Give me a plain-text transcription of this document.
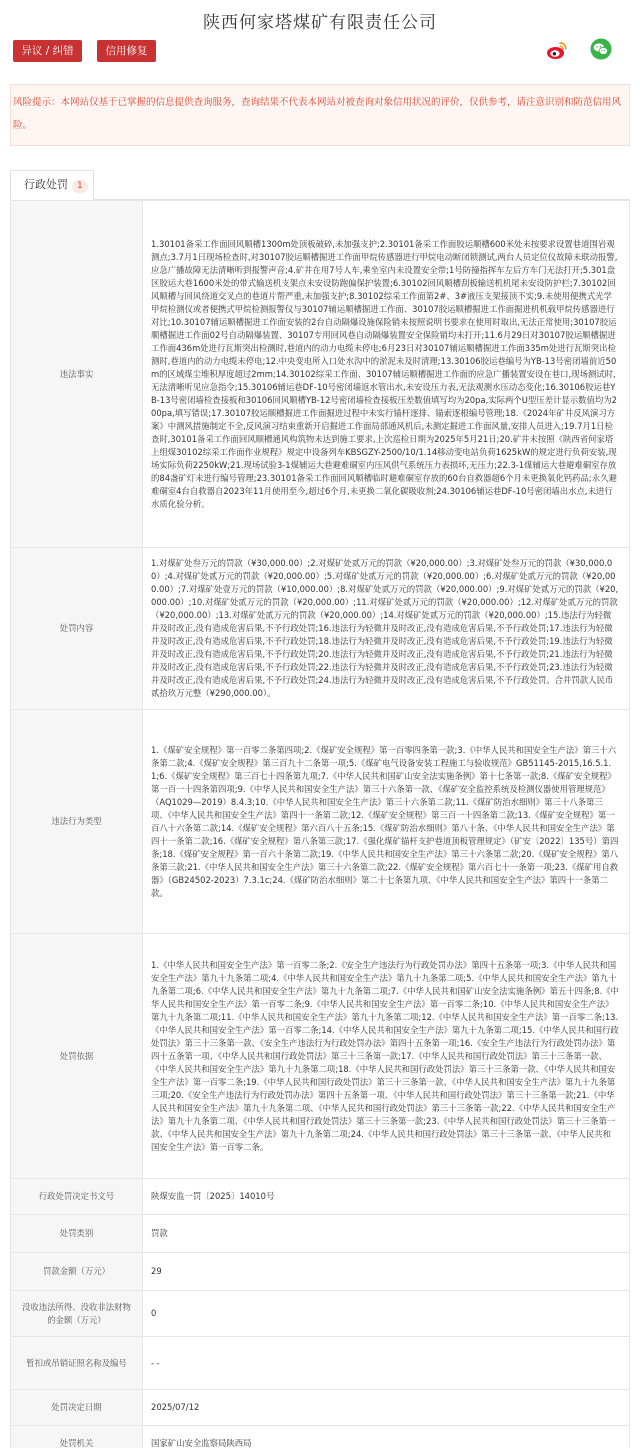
陕西何家塔煤矿有限责任公司
异议 / 纠错	信用修复

风险提示：本网站仅基于已掌握的信息提供查询服务，查询结果不代表本网站对被查询对象信用状况的评价，仅供参考，请注意识别和防范信用风险。

行政处罚 1
违法事实	1.30101备采工作面回风顺槽1300m处顶板破碎,未加强支护;2.30101备采工作面胶运顺槽600米处未按要求设置巷道围岩观测点;3.7月1日现场检查时,对30107胶运顺槽掘进工作面甲烷传感器进行甲烷电动断闭锁测试,两台人员定位仪故障未联动报警,应急广播故障无法清晰听到报警声音;4.矿井在用7号人车,乘坐室内未设置安全带;1号防撞指挥车左后方车门无法打开;5.301盘区胶运大巷1600米处的带式输送机支架点未安设防跑偏保护装置;6.30102回风顺槽刮板输送机机尾未安设防护栏;7.30102回风顺槽与回风绕道交叉点的巷道片帮严重,未加强支护;8.30102综采工作面第2#、3#液压支架接顶不实;9.未使用便携式光学甲烷检测仪或者便携式甲烷检测报警仪与30107辅运顺槽掘进工作面、30107胶运顺槽掘进工作面掘进机机载甲烷传感器进行对比;10.30107辅运顺槽掘进工作面安装的2台自动隔爆设施保险销未按照说明书要求在使用时取出,无法正常使用;30107胶运顺槽掘进工作面02号自动隔爆装置、30107专用回风巷自动隔爆装置安全保险销均未打开;11.6月29日对30107胶运顺槽掘进工作面436m处进行瓦斯突出检测时,巷道内的动力电缆未停电;6月23日对30107辅运顺槽掘进工作面335m处进行瓦斯突出检测时,巷道内的动力电缆未停电;12.中央变电所入口处水沟中的淤泥未及时清理;13.30106胶运巷编号为YB-13号密闭墙前近50m的区域煤尘堆积厚度超过2mm;14.30102综采工作面、30107辅运顺槽掘进工作面的应急广播装置安设在巷口,现场测试时,无法清晰听见应急指令;15.30106辅运巷DF-10号密闭墙返水管出水,未安设压力表,无法观测水压动态变化;16.30106胶运巷YB-13号密闭墙检查接板和30106回风顺槽YB-12号密闭墙检查接板压差数值填写均为20pa,实际两个U型压差计显示数值均为200pa,填写错误;17.30107胶运顺槽掘进工作面掘进过程中未实行锚杆逐排、锚索逐根编号管理;18.《2024年矿井反风演习方案》中测风措施制定不全,反风演习结束重新开启掘进工作面局部通风机后,未测定掘进工作面风量,安排人员进入;19.7月1日检查时,30101备采工作面回风顺槽通风构筑物未达到施工要求,上次巡检日期为2025年5月21日;20.矿井未按照《陕西省何家塔上组煤30102综采工作面作业规程》规定中设备列车KBSGZY-2500/10/1.14移动变电站负荷1625kW的规定进行负荷安装,现场实际负荷2250kW;21.现场试验3-1煤辅运大巷避难硐室内压风供气系统压力表损坏,无压力;22.3-1煤辅运大巷避难硐室存放的84盏矿灯未进行编号管理;23.30101备采工作面回风顺槽临时避难硐室存放的60台自救器超6个月未更换氧化钙药品;永久避难硐室4台自救器自2023年11月使用至今,超过6个月,未更换二氧化碳吸收剂;24.30106辅运巷DF-10号密闭墙出水点,未进行水质化验分析。
处罚内容	1.对煤矿处叁万元的罚款（¥30,000.00）;2.对煤矿处贰万元的罚款（¥20,000.00）;3.对煤矿处叁万元的罚款（¥30,000.00）;4.对煤矿处贰万元的罚款（¥20,000.00）;5.对煤矿处贰万元的罚款（¥20,000.00）;6.对煤矿处贰万元的罚款（¥20,000.00）;7.对煤矿处壹万元的罚款（¥10,000.00）;8.对煤矿处贰万元的罚款（¥20,000.00）;9.对煤矿处贰万元的罚款（¥20,000.00）;10.对煤矿处贰万元的罚款（¥20,000.00）;11.对煤矿处贰万元的罚款（¥20,000.00）;12.对煤矿处贰万元的罚款（¥20,000.00）;13.对煤矿处贰万元的罚款（¥20,000.00）;14.对煤矿处贰万元的罚款（¥20,000.00）;15.违法行为轻微并及时改正,没有造成危害后果,不予行政处罚;16.违法行为轻微并及时改正,没有造成危害后果,不予行政处罚;17.违法行为轻微并及时改正,没有造成危害后果,不予行政处罚;18.违法行为轻微并及时改正,没有造成危害后果,不予行政处罚;19.违法行为轻微并及时改正,没有造成危害后果,不予行政处罚;20.违法行为轻微并及时改正,没有造成危害后果,不予行政处罚;21.违法行为轻微并及时改正,没有造成危害后果,不予行政处罚;22.违法行为轻微并及时改正,没有造成危害后果,不予行政处罚;23.违法行为轻微并及时改正,没有造成危害后果,不予行政处罚;24.违法行为轻微并及时改正,没有造成危害后果,不予行政处罚。合并罚款人民币贰拾玖万元整（¥290,000.00）。
违法行为类型	1.《煤矿安全规程》第一百零二条第四项;2.《煤矿安全规程》第一百零四条第一款;3.《中华人民共和国安全生产法》第三十六条第二款;4.《煤矿安全规程》第三百九十二条第一项;5.《煤矿电气设备安装工程施工与验收规范》GB51145-2015,16.5.1.1;6.《煤矿安全规程》第三百七十四条第九项;7.《中华人民共和国矿山安全法实施条例》第十七条第一款;8.《煤矿安全规程》第一百一十四条第四项;9.《中华人民共和国安全生产法》第三十六条第一款、《煤矿安全监控系统及检测仪器使用管理规范》（AQ1029—2019）8.4.3;10.《中华人民共和国安全生产法》第三十六条第二款;11.《煤矿防治水细则》第三十八条第三项、《中华人民共和国安全生产法》第四十一条第二款;12.《煤矿安全规程》第三百一十四条第二款;13.《煤矿安全规程》第一百八十六条第二款;14.《煤矿安全规程》第六百八十五条;15.《煤矿防治水细则》第八十条、《中华人民共和国安全生产法》第四十一条第二款;16.《煤矿安全规程》第八条第三款;17.《强化煤矿锚杆支护巷道顶板管理规定》（矿安〔2022〕135号）第四条;18.《煤矿安全规程》第一百六十条第二款;19.《中华人民共和国安全生产法》第三十六条第二款;20.《煤矿安全规程》第八条第三款;21.《中华人民共和国安全生产法》第三十六条第二款;22.《煤矿安全规程》第六百七十一条第一项;23.《煤矿用自救器》（GB24502-2023）7.3.1c;24.《煤矿防治水细则》第二十七条第九项、《中华人民共和国安全生产法》第四十一条第二款。
处罚依据	1.《中华人民共和国安全生产法》第一百零二条;2.《安全生产违法行为行政处罚办法》第四十五条第一项;3.《中华人民共和国安全生产法》第九十九条第二项;4.《中华人民共和国安全生产法》第九十九条第二项;5.《中华人民共和国安全生产法》第九十九条第二项;6.《中华人民共和国安全生产法》第九十九条第二项;7.《中华人民共和国矿山安全法实施条例》第五十四条;8.《中华人民共和国安全生产法》第一百零二条;9.《中华人民共和国安全生产法》第一百零二条;10.《中华人民共和国安全生产法》第九十九条第二项;11.《中华人民共和国安全生产法》第九十九条第二项;12.《中华人民共和国安全生产法》第一百零二条;13.《中华人民共和国安全生产法》第一百零二条;14.《中华人民共和国安全生产法》第九十九条第二项;15.《中华人民共和国行政处罚法》第三十三条第一款、《安全生产违法行为行政处罚办法》第四十五条第一项;16.《安全生产违法行为行政处罚办法》第四十五条第一项、《中华人民共和国行政处罚法》第三十三条第一款;17.《中华人民共和国行政处罚法》第三十三条第一款、《中华人民共和国安全生产法》第九十九条第二项;18.《中华人民共和国行政处罚法》第三十三条第一款、《中华人民共和国安全生产法》第一百零二条;19.《中华人民共和国行政处罚法》第三十三条第一款、《中华人民共和国安全生产法》第九十九条第三项;20.《安全生产违法行为行政处罚办法》第四十五条第一项、《中华人民共和国行政处罚法》第三十三条第一款;21.《中华人民共和国安全生产法》第九十九条第二项、《中华人民共和国行政处罚法》第三十三条第一款;22.《中华人民共和国安全生产法》第九十九条第二项、《中华人民共和国行政处罚法》第三十三条第一款;23.《中华人民共和国行政处罚法》第三十三条第一款、《中华人民共和国安全生产法》第九十九条第二项;24.《中华人民共和国行政处罚法》第三十三条第一款、《中华人民共和国安全生产法》第一百零二条。
行政处罚决定书文号	陕煤安监一罚〔2025〕14010号
处罚类别	罚款
罚款金额（万元）	29
没收违法所得、没收非法财物的金额（万元）	0
暂扣或吊销证照名称及编号	- -
处罚决定日期	2025/07/12
处罚机关	国家矿山安全监察局陕西局
